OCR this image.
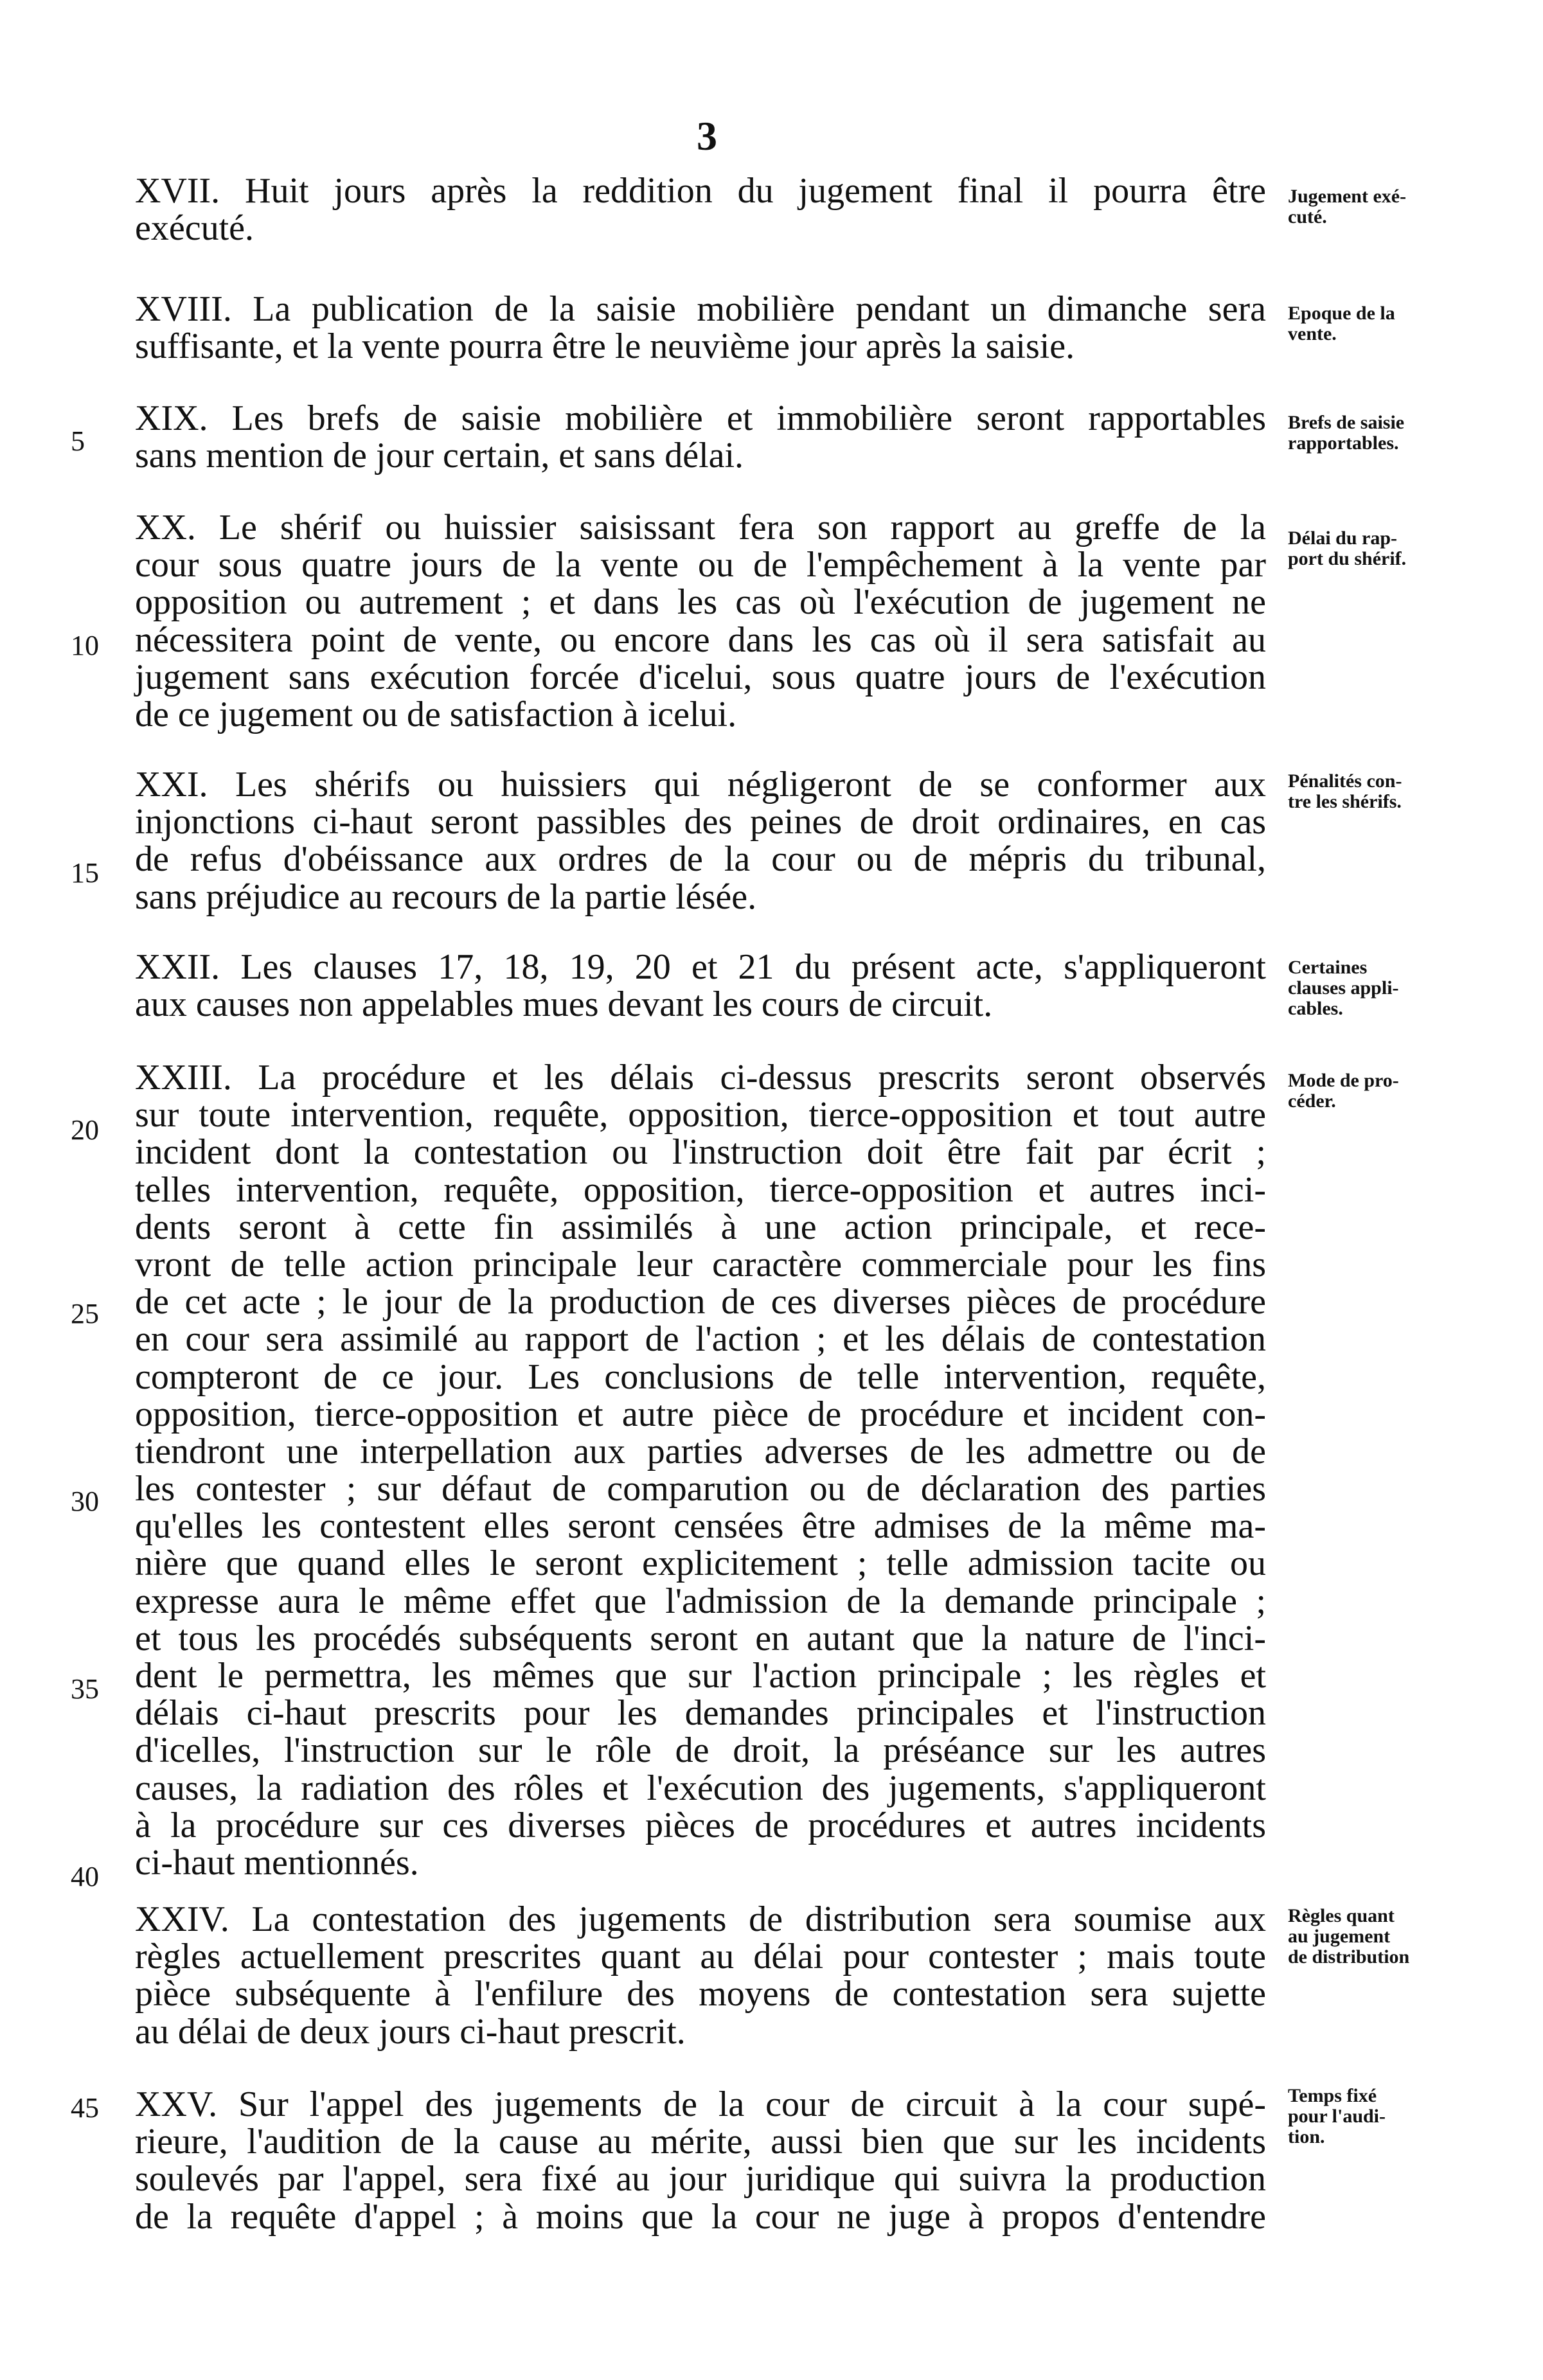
3
XVII. Huit jours après la reddition du jugement final il pourra être
exécuté.
Jugement exé-
cuté.
XVIII. La publication de la saisie mobilière pendant un dimanche sera
suffisante, et la vente pourra être le neuvième jour après la saisie.
Epoque de la
vente.
XIX. Les brefs de saisie mobilière et immobilière seront rapportables
sans mention de jour certain, et sans délai.
Brefs de saisie
rapportables.
XX. Le shérif ou huissier saisissant fera son rapport au greffe de la
cour sous quatre jours de la vente ou de l'empêchement à la vente par
opposition ou autrement ; et dans les cas où l'exécution de jugement ne
nécessitera point de vente, ou encore dans les cas où il sera satisfait au
jugement sans exécution forcée d'icelui, sous quatre jours de l'exécution
de ce jugement ou de satisfaction à icelui.
Délai du rap-
port du shérif.
XXI. Les shérifs ou huissiers qui négligeront de se conformer aux
injonctions ci-haut seront passibles des peines de droit ordinaires, en cas
de refus d'obéissance aux ordres de la cour ou de mépris du tribunal,
sans préjudice au recours de la partie lésée.
Pénalités con-
tre les shérifs.
XXII. Les clauses 17, 18, 19, 20 et 21 du présent acte, s'appliqueront
aux causes non appelables mues devant les cours de circuit.
Certaines
clauses appli-
cables.
XXIII. La procédure et les délais ci-dessus prescrits seront observés
sur toute intervention, requête, opposition, tierce-opposition et tout autre
incident dont la contestation ou l'instruction doit être fait par écrit ;
telles intervention, requête, opposition, tierce-opposition et autres inci-
dents seront à cette fin assimilés à une action principale, et rece-
vront de telle action principale leur caractère commerciale pour les fins
de cet acte ; le jour de la production de ces diverses pièces de procédure
en cour sera assimilé au rapport de l'action ; et les délais de contestation
compteront de ce jour. Les conclusions de telle intervention, requête,
opposition, tierce-opposition et autre pièce de procédure et incident con-
tiendront une interpellation aux parties adverses de les admettre ou de
les contester ; sur défaut de comparution ou de déclaration des parties
qu'elles les contestent elles seront censées être admises de la même ma-
nière que quand elles le seront explicitement ; telle admission tacite ou
expresse aura le même effet que l'admission de la demande principale ;
et tous les procédés subséquents seront en autant que la nature de l'inci-
dent le permettra, les mêmes que sur l'action principale ; les règles et
délais ci-haut prescrits pour les demandes principales et l'instruction
d'icelles, l'instruction sur le rôle de droit, la préséance sur les autres
causes, la radiation des rôles et l'exécution des jugements, s'appliqueront
à la procédure sur ces diverses pièces de procédures et autres incidents
ci-haut mentionnés.
Mode de pro-
céder.
XXIV. La contestation des jugements de distribution sera soumise aux
règles actuellement prescrites quant au délai pour contester ; mais toute
pièce subséquente à l'enfilure des moyens de contestation sera sujette
au délai de deux jours ci-haut prescrit.
Règles quant
au jugement
de distribution
XXV. Sur l'appel des jugements de la cour de circuit à la cour supé-
rieure, l'audition de la cause au mérite, aussi bien que sur les incidents
soulevés par l'appel, sera fixé au jour juridique qui suivra la production
de la requête d'appel ; à moins que la cour ne juge à propos d'entendre
Temps fixé
pour l'audi-
tion.
5
10
15
20
25
30
35
40
45
